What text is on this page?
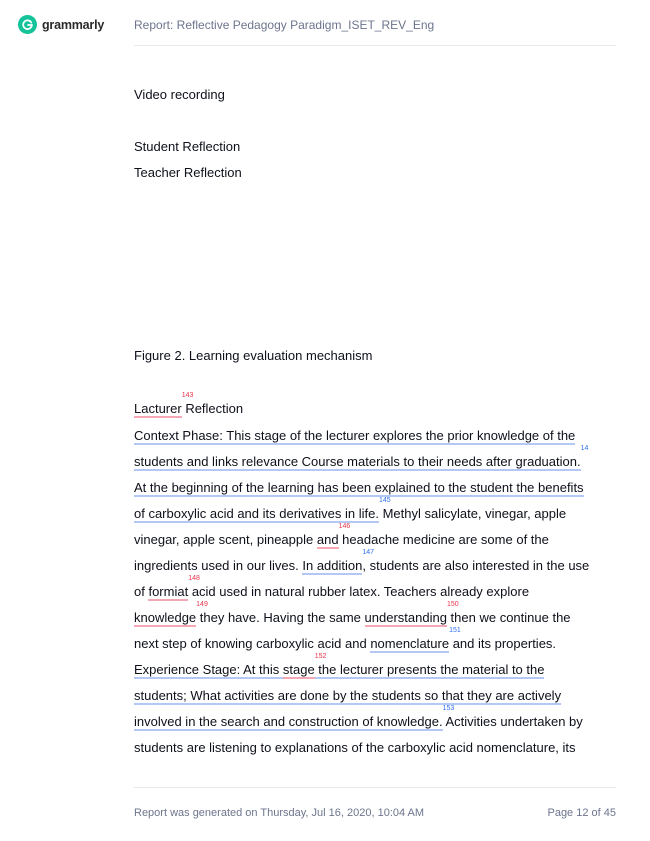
grammarly Report: Reflective Pedagogy Paradigm_ISET_REV_Eng
Video recording
Student Reflection
Teacher Reflection
Figure 2. Learning evaluation mechanism
Lacturer
143
Reflection
Context Phase: This stage of the lecturer explores the prior knowledge of the
students and links relevance Course materials to their needs after graduation.
14
At the beginning of the learning has been explained to the student the benefits
of carboxylic acid and its derivatives in life.
145
Methyl salicylate, vinegar, apple
vinegar, apple scent, pineapple and
146
headache medicine are some of the
ingredients used in our lives. In addition
147
, students are also interested in the use
of formiat
148
acid used in natural rubber latex. Teachers already explore
knowledge
149
they have. Having the same understanding
150
then we continue the
next step of knowing carboxylic acid and nomenclature
151
and its properties.
Experience Stage: At this stage
152
the lecturer presents the material to the
students; What activities are done by the students so that they are actively
involved in the search and construction of knowledge.
153
Activities undertaken by
students are listening to explanations of the carboxylic acid nomenclature, its
Report was generated on Thursday, Jul 16, 2020, 10:04 AM	Page 12 of 45
